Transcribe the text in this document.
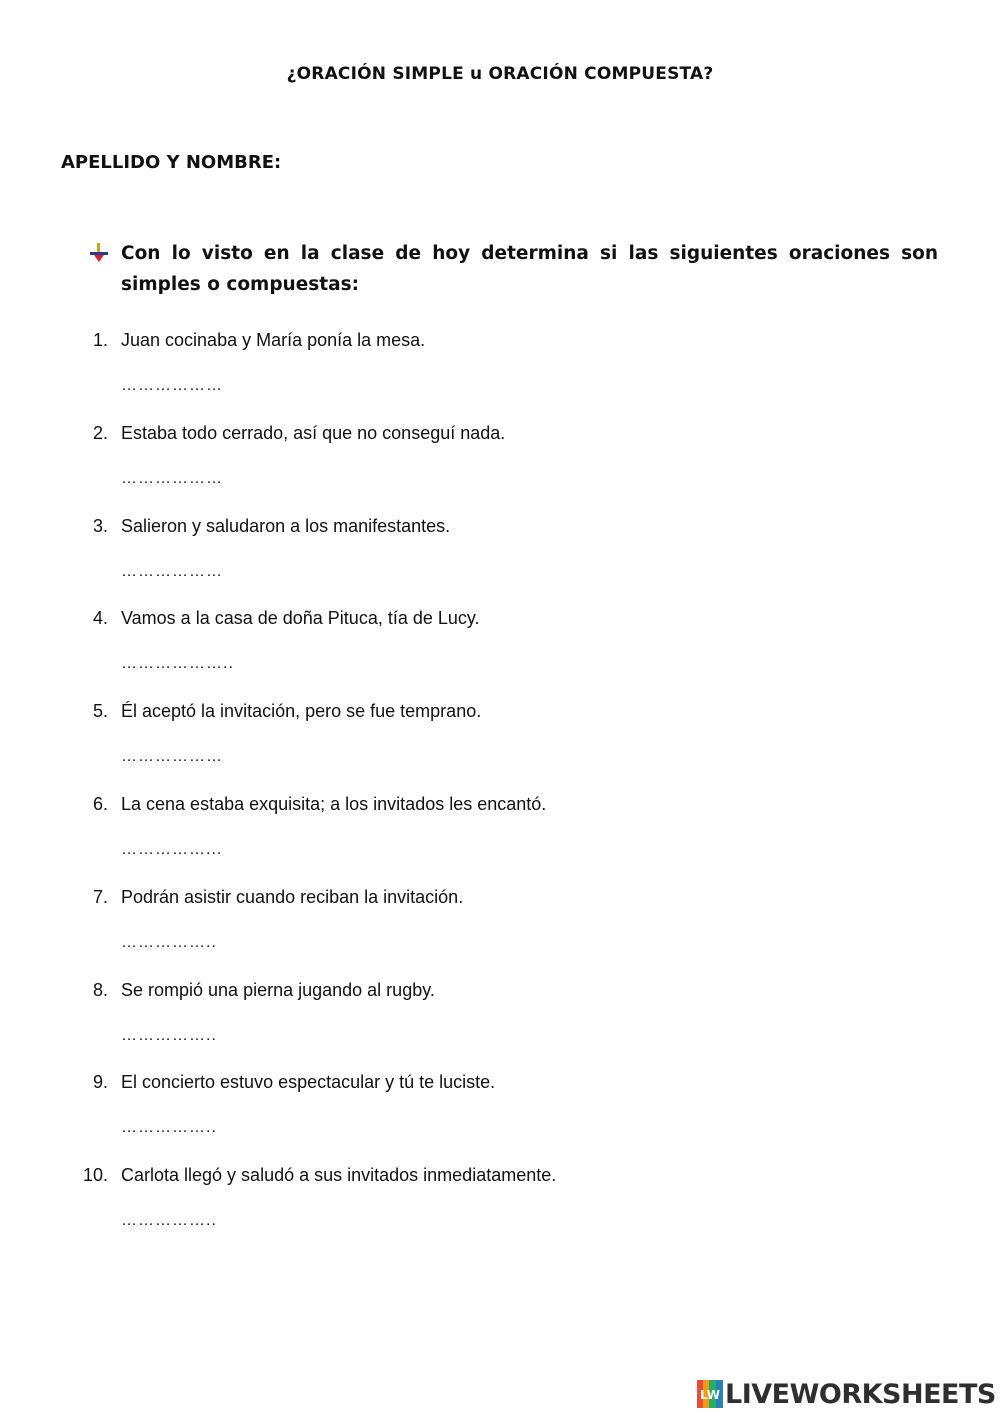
¿ORACIÓN SIMPLE u ORACIÓN COMPUESTA?
APELLIDO Y NOMBRE:
Con lo visto en la clase de hoy determina si las siguientes oraciones son simples o compuestas:
1. Juan cocinaba y María ponía la mesa.
………………
2. Estaba todo cerrado, así que no conseguí nada.
………………
3. Salieron y saludaron a los manifestantes.
………………
4. Vamos a la casa de doña Pituca, tía de Lucy.
………………..
5. Él aceptó la invitación, pero se fue temprano.
………………
6. La cena estaba exquisita; a los invitados les encantó.
……………...
7. Podrán asistir cuando reciban la invitación.
……………..
8. Se rompió una pierna jugando al rugby.
……………..
9. El concierto estuvo espectacular y tú te luciste.
……………..
10. Carlota llegó y saludó a sus invitados inmediatamente.
……………..
LW LIVEWORKSHEETS
